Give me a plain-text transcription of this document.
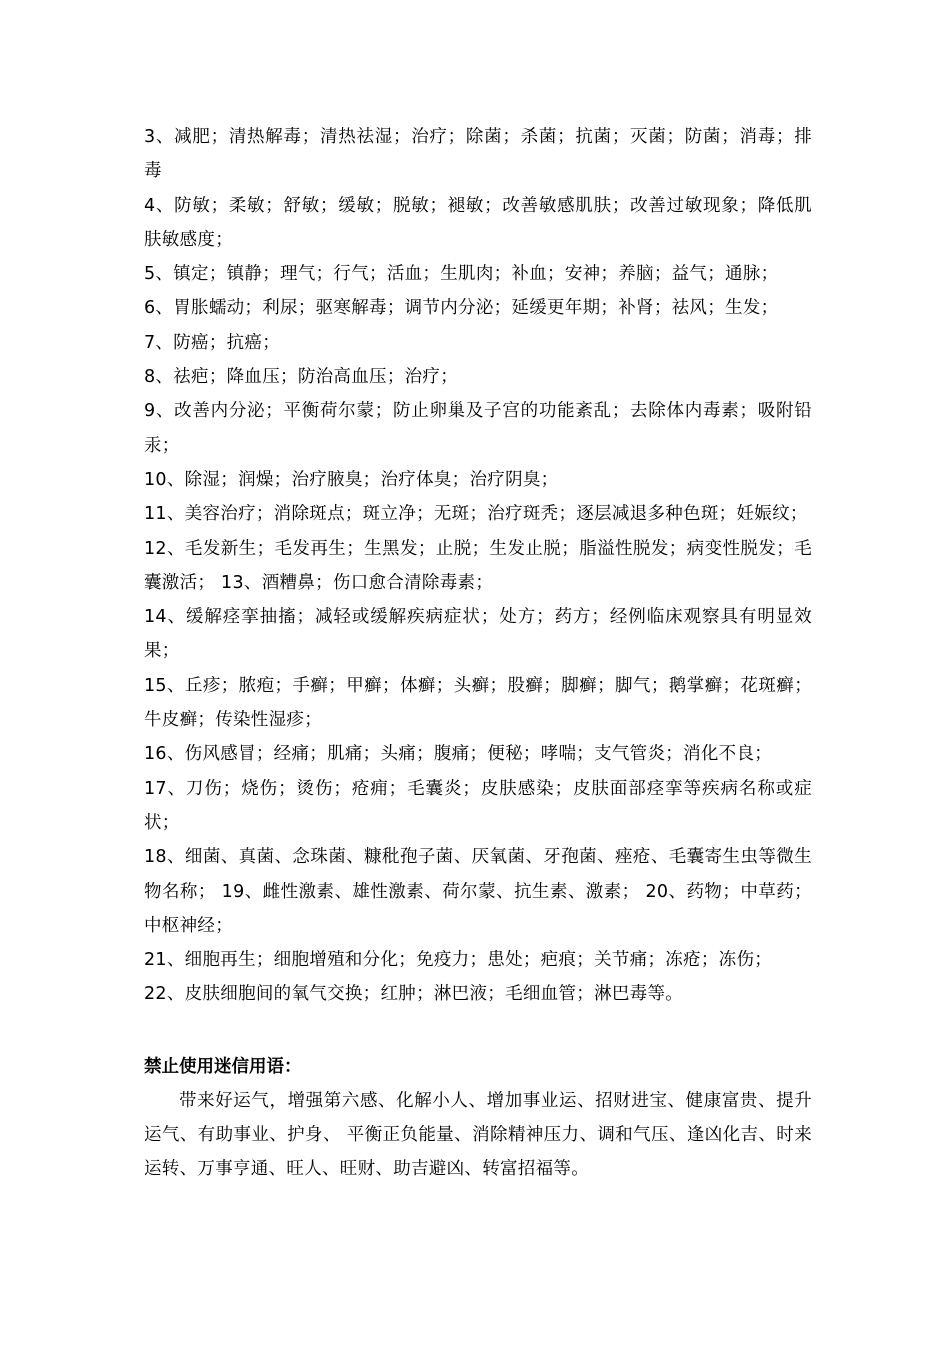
3、减肥；清热解毒；清热祛湿；治疗；除菌；杀菌；抗菌；灭菌；防菌；消毒；排毒

4、防敏；柔敏；舒敏；缓敏；脱敏；褪敏；改善敏感肌肤；改善过敏现象；降低肌肤敏感度；

5、镇定；镇静；理气；行气；活血；生肌肉；补血；安神；养脑；益气；通脉；

6、胃胀蠕动；利尿；驱寒解毒；调节内分泌；延缓更年期；补肾；祛风；生发；

7、防癌；抗癌；

8、祛疤；降血压；防治高血压；治疗；

9、改善内分泌；平衡荷尔蒙；防止卵巢及子宫的功能紊乱；去除体内毒素；吸附铅汞；

10、除湿；润燥；治疗腋臭；治疗体臭；治疗阴臭；

11、美容治疗；消除斑点；斑立净；无斑；治疗斑秃；逐层减退多种色斑；妊娠纹；

12、毛发新生；毛发再生；生黑发；止脱；生发止脱；脂溢性脱发；病变性脱发；毛囊激活； 13、酒糟鼻；伤口愈合清除毒素；

14、缓解痉挛抽搐；减轻或缓解疾病症状；处方；药方；经例临床观察具有明显效果；

15、丘疹；脓疱；手癣；甲癣；体癣；头癣；股癣；脚癣；脚气；鹅掌癣；花斑癣；牛皮癣；传染性湿疹；

16、伤风感冒；经痛；肌痛；头痛；腹痛；便秘；哮喘；支气管炎；消化不良；

17、刀伤；烧伤；烫伤；疮痈；毛囊炎；皮肤感染；皮肤面部痉挛等疾病名称或症状；

18、细菌、真菌、念珠菌、糠秕孢子菌、厌氧菌、牙孢菌、痤疮、毛囊寄生虫等微生物名称； 19、雌性激素、雄性激素、荷尔蒙、抗生素、激素； 20、药物；中草药；中枢神经；

21、细胞再生；细胞增殖和分化；免疫力；患处；疤痕；关节痛；冻疮；冻伤；

22、皮肤细胞间的氧气交换；红肿；淋巴液；毛细血管；淋巴毒等。

禁止使用迷信用语：

带来好运气，增强第六感、化解小人、增加事业运、招财进宝、健康富贵、提升运气、有助事业、护身、 平衡正负能量、消除精神压力、调和气压、逢凶化吉、时来运转、万事亨通、旺人、旺财、助吉避凶、转富招福等。
